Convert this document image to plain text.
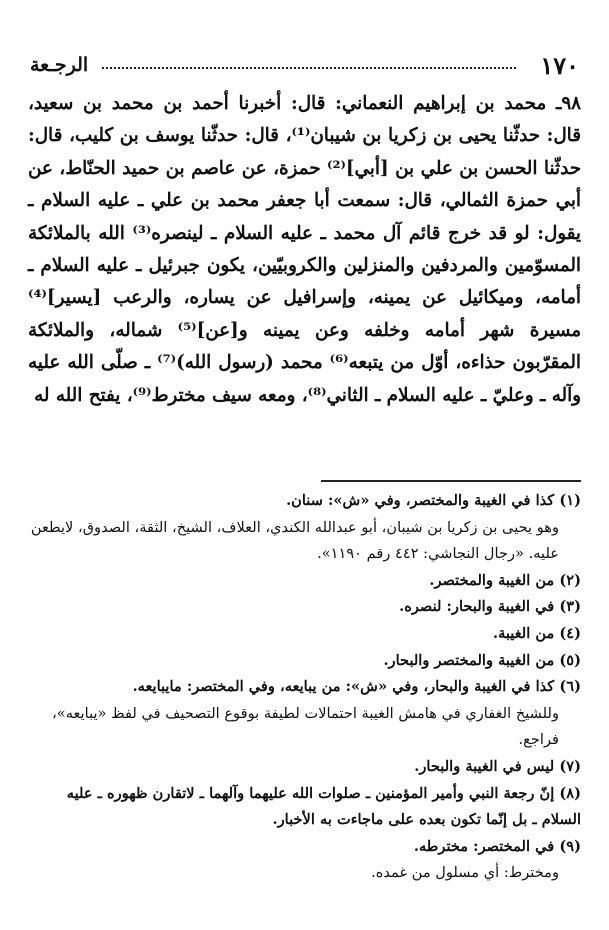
١٧٠
الرجـعة

٩٨ـ محمد بن إبراهيم النعماني: قال: أخبرنا أحمد بن محمد بن سعيد، قال: حدثّنا يحيى بن زكريا بن شيبان⁽¹⁾، قال: حدثّنا يوسف بن كليب، قال: حدثّنا الحسن بن علي بن [أبي]⁽²⁾ حمزة، عن عاصم بن حميد الحنّاط، عن أبي حمزة الثمالي، قال: سمعت أبا جعفر محمد بن علي ـ عليه السلام ـ يقول: لو قد خرج قائم آل محمد ـ عليه السلام ـ لينصره⁽³⁾ الله بالملائكة المسوّمين والمردفين والمنزلين والكروبيّين، يكون جبرئيل ـ عليه السلام ـ أمامه، وميكائيل عن يمينه، وإسرافيل عن يساره، والرعب [يسير]⁽⁴⁾ مسيرة شهر أمامه وخلفه وعن يمينه و[عن]⁽⁵⁾ شماله، والملائكة المقرّبون حذاءه، أوّل من يتبعه⁽⁶⁾ محمد (رسول الله)⁽⁷⁾ ـ صلّى الله عليه وآله ـ وعليّ ـ عليه السلام ـ الثاني⁽⁸⁾، ومعه سيف مخترط⁽⁹⁾، يفتح الله له

(١) كذا في الغيبة والمختصر، وفي «ش»: سنان.

وهو يحيى بن زكريا بن شيبان، أبو عبدالله الكندي، العلاف، الشيخ، الثقة، الصدوق، لايطعن عليه. «رجال النجاشي: ٤٤٢ رقم ١١٩٠».

(٢) من الغيبة والمختصر.

(٣) في الغيبة والبحار: لنصره.

(٤) من الغيبة.

(٥) من الغيبة والمختصر والبحار.

(٦) كذا في الغيبة والبحار، وفي «ش»: من يبايعه، وفي المختصر: مايبايعه.

وللشيخ الغفاري في هامش الغيبة احتمالات لطيفة بوقوع التصحيف في لفظ «يبايعه»، فراجع.

(٧) ليس في الغيبة والبحار.

(٨) إنّ رجعة النبي وأمير المؤمنين ـ صلوات الله عليهما وآلهما ـ لاتقارن ظهوره ـ عليه السلام ـ بل إنّما تكون بعده على ماجاءت به الأخبار.

(٩) في المختصر: مخترطه.

ومخترط: أي مسلول من غمده.
